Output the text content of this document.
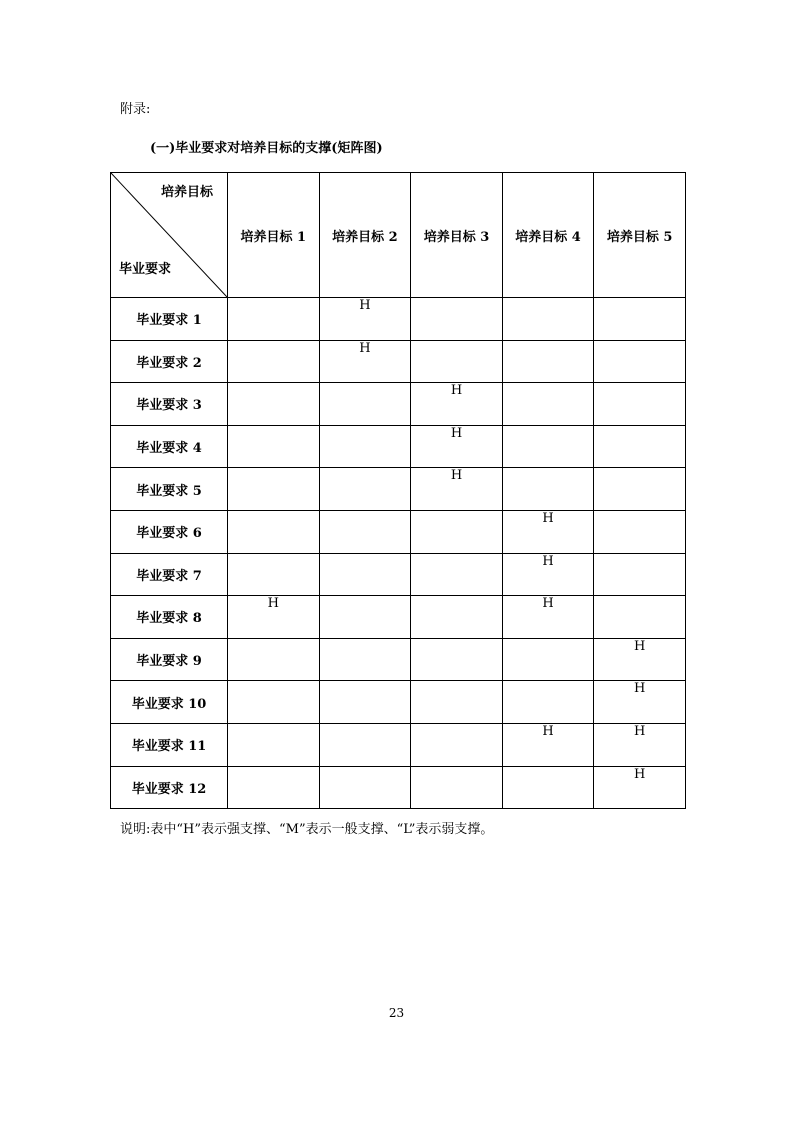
附录:
(一)毕业要求对培养目标的支撑(矩阵图)
培养目标
毕业要求	培养目标 1	培养目标 2	培养目标 3	培养目标 4	培养目标 5
毕业要求 1		H			
毕业要求 2		H			
毕业要求 3			H		
毕业要求 4			H		
毕业要求 5			H		
毕业要求 6				H	
毕业要求 7				H	
毕业要求 8	H			H	
毕业要求 9					H
毕业要求 10					H
毕业要求 11				H	H
毕业要求 12					H
说明:表中“H”表示强支撑、“M”表示一般支撑、“L”表示弱支撑。
23
